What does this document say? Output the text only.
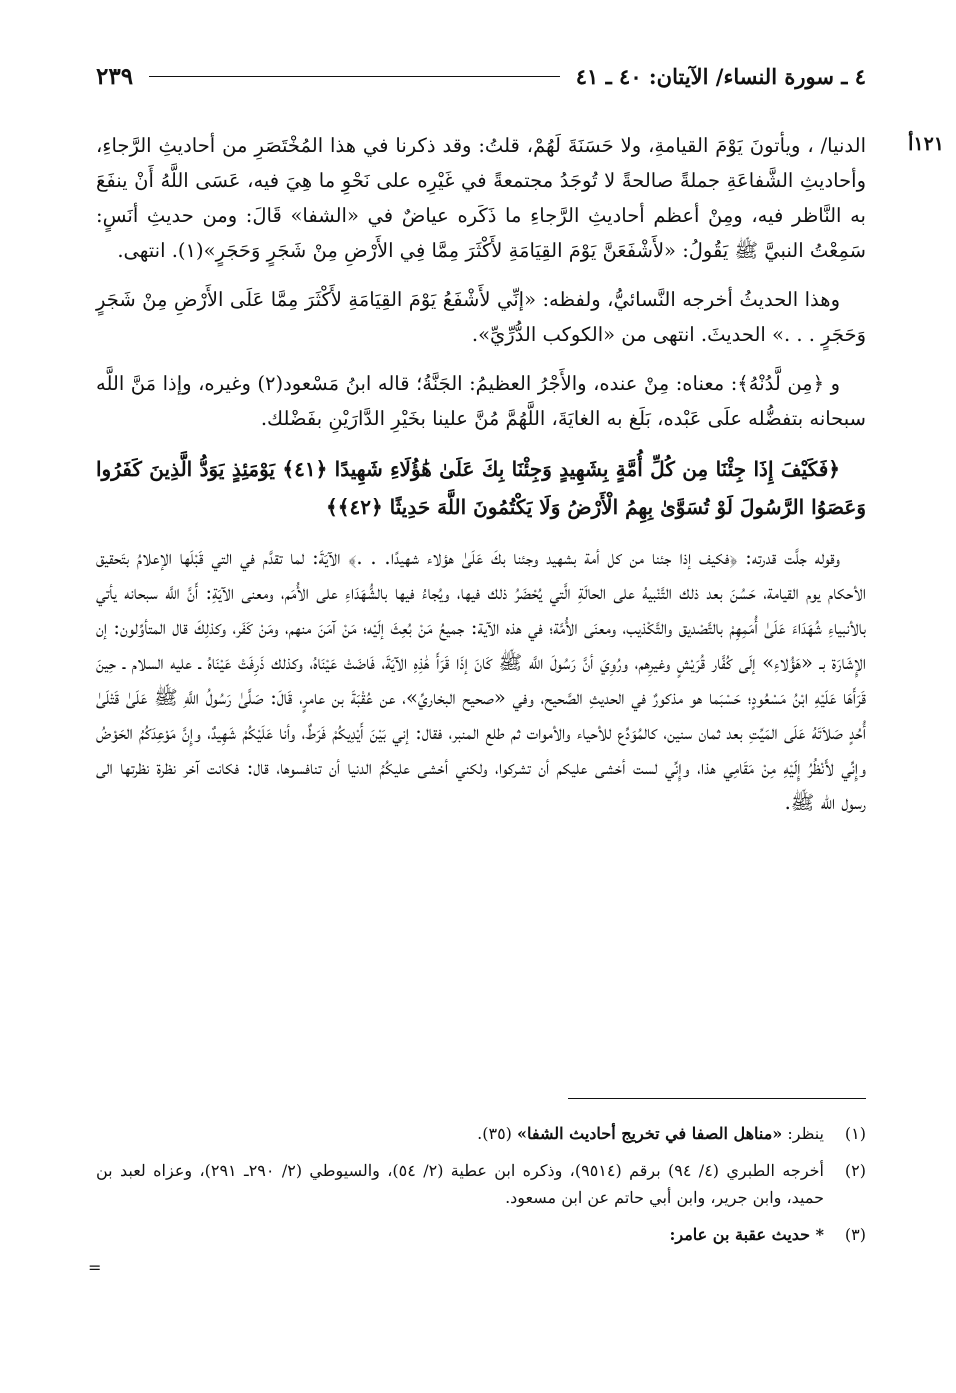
٤ ـ سورة النساء/ الآيتان: ٤٠ ـ ٤١
٢٣٩
١٢١أ

الدنيا/ ، ويأتونَ يَوْمَ القيامةِ، ولا حَسَنَةَ لَهُمْ، قلتُ: وقد ذكرنا في هذا المُخْتَصَرِ من أحاديثِ الرَّجاءِ، وأحاديثِ الشَّفاعَةِ جملةً صالحةً لا تُوجَدُ مجتمعةً في غَيْرِه على نَحْوِ ما هِيَ فيه، عَسَى اللَّهُ أَنْ ينفَعَ به النَّاظر فيه، ومِنْ أعظم أحاديثِ الرَّجاءِ ما ذَكَره عياضٌ في «الشفا» قَالَ: ومن حديثِ أنَسٍ: سَمِعْتُ النبيَّ ﷺ يَقُولُ: «لأَشْفَعَنَّ يَوْمَ القِيَامَةِ لأَكْثَرَ مِمَّا فِي الأَرْضِ مِنْ شَجَرٍ وَحَجَرٍ»(١). انتهى.

وهذا الحديثُ أخرجه النَّسائيُّ، ولفظه: «إنِّي لأَشْفَعُ يَوْمَ القِيَامَةِ لأَكْثَرَ مِمَّا عَلَى الأَرْضِ مِنْ شَجَرٍ وَحَجَرٍ . . .» الحديثَ. انتهى من «الكوكب الدُّرِّيِّ».

و ﴿مِن لَّدُنْهُ﴾: معناه: مِنْ عنده، والأَجْرُ العظيمُ: الجَنَّةُ؛ قاله ابنُ مَسْعود(٢) وغيره، وإذا مَنَّ اللَّه سبحانه بتفضُّله علَى عَبْده، بَلَغ به الغايَةَ، اللَّهُمَّ مُنَّ علينا بخَيْرِ الدَّارَيْنِ بفَضْلك.

﴿فَكَيْفَ إِذَا جِئْنَا مِن كُلِّ أُمَّةٍ بِشَهِيدٍ وَجِئْنَا بِكَ عَلَىٰ هَٰؤُلَاءِ شَهِيدًا ﴿٤١﴾ يَوْمَئِذٍ يَوَدُّ الَّذِينَ كَفَرُوا وَعَصَوُا الرَّسُولَ لَوْ تُسَوَّىٰ بِهِمُ الْأَرْضُ وَلَا يَكْتُمُونَ اللَّهَ حَدِيثًا ﴿٤٢﴾﴾

وقوله جلَّت قدرته: ﴿فكيف إذا جئنا من كل أمة بشهيد وجئنا بكَ عَلَىٰ هؤلاء شهيدًا. . .﴾ الآيَةَ: لما تقدَّم في التي قَبْلَها الإعلامُ بتَحقيق الأحكام يوم القيامة، حَسُنَ بعد ذلك التَّنْبيهُ على الحالَةِ الَّتي يُحْضَرُ ذلك فيها، ويُجاءُ فيها بالشُّهَدَاءِ على الأُمَم، ومعنى الآيَةِ: أَنَّ اللَّه سبحانه يأتي بالأنبياءِ شُهَدَاءَ عَلَىٰ أُمَمِهِمْ بالتَّصْديق والتَّكْذيب، ومعنَى الأُمَّة؛ في هذه الآية: جميعُ مَنْ بُعِثَ إلَيْه؛ مَنْ آمَنَ منهم، ومَنْ كَفَر، وكذلِكَ قال المتأوِّلون: إن الإِشَارَة بـ «هَؤُلاءِ» إلَى كُفَّار قُرَيْشٍ وغيرِهم، ورُوِيَ أنَّ رَسُولَ اللَّه ﷺ كَانَ إذَا قَرَأَ هَٰذِهِ الآيَةَ، فَاضَتْ عَيْنَاهُ، وكذلك ذَرِفَتْ عَيْنَاهُ ـ عليه السلام ـ حِينَ قَرَأَهَا عَلَيْهِ ابْنُ مَسْعُودٍ؛ حَسْبَما هو مذكورٌ في الحديثِ الصَّحيح، وفي «صحيح البخاريِّ»، عن عُقْبَةَ بن عامرٍ، قَالَ: صَلَّىٰ رَسُولُ اللَّهِ ﷺ عَلَىٰ قَتْلَىٰ أُحُدٍ صَلاَتَهُ عَلَى المَيِّتِ بعد ثمان سنين، كالمُوَدِّع للأحياء والأموات ثم طلع المنبر، فقال: إني بَيْنَ أَيْدِيكُمْ فَرَطٌ، وأنا عَلَيْكُمْ شَهِيدٌ، وإِنَّ مَوْعِدَكُمُ الحَوْضُ وإِنِّي لأَنْظُرُ إِلَيْهِ مِنْ مَقَامِي هذا، وإِنِّي لست أخشى عليكم أن تشركوا، ولكني أخشى عليكُمُ الدنيا أن تنافسوها، قال: فكانت آخر نظرة نظرتها الى رسول الله ﷺ.

(١)
ينظر: «مناهل الصفا في تخريج أحاديث الشفا» (٣٥).
(٢)
أخرجه الطبري (٤/ ٩٤) برقم (٩٥١٤)، وذكره ابن عطية (٢/ ٥٤)، والسيوطي (٢/ ٢٩٠ـ ٢٩١)، وعزاه لعبد بن حميد، وابن جرير، وابن أبي حاتم عن ابن مسعود.
(٣)
* حديث عقبة بن عامر:
=
